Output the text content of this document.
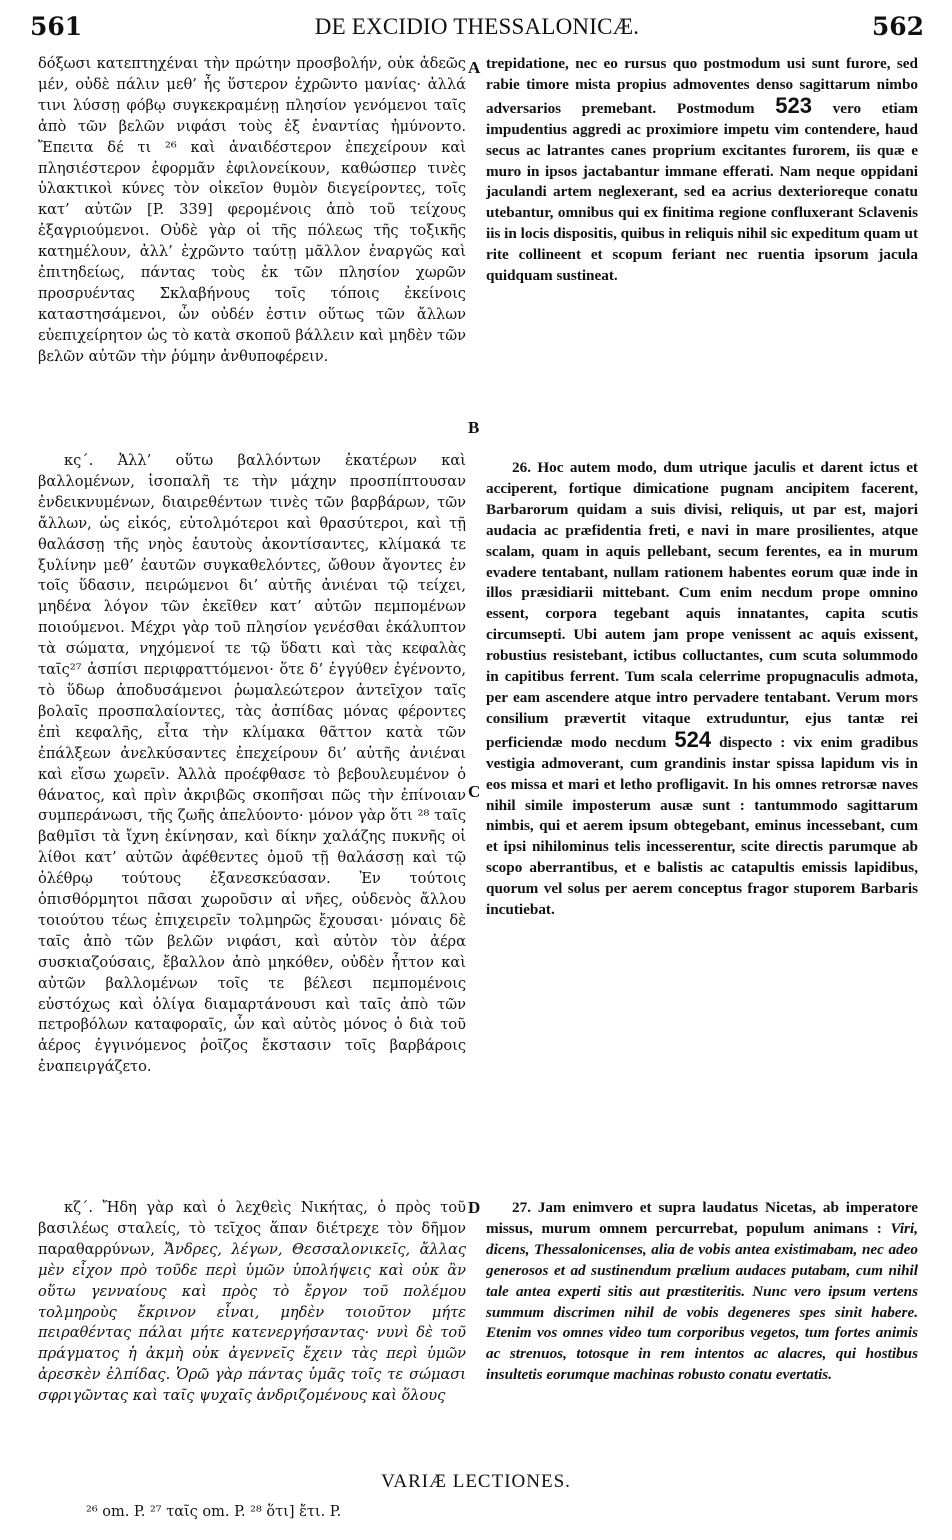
561	DE EXCIDIO THESSALONICÆ.	562

δόξωσι κατεπτηχέναι τὴν πρώτην προσβολήν, οὐκ ἀδεῶς μέν, οὐδὲ πάλιν μεθ’ ἧς ὕστερον ἐχρῶντο μανίας· ἀλλά τινι λύσσῃ φόβῳ συγκεκραμένῃ πλησίον γενόμενοι ταῖς ἀπὸ τῶν βελῶν νιφάσι τοὺς ἐξ ἐναντίας ἠμύνοντο. Ἔπειτα δέ τι ²⁶ καὶ ἀναιδέστερον ἐπεχείρουν καὶ πλησιέστερον ἐφορμᾶν ἐφιλονείκουν, καθώσπερ τινὲς ὑλακτικοὶ κύνες τὸν οἰκεῖον θυμὸν διεγείροντες, τοῖς κατ’ αὐτῶν [P. 339] φερομένοις ἀπὸ τοῦ τείχους ἐξαγριούμενοι. Οὐδὲ γὰρ οἱ τῆς πόλεως τῆς τοξικῆς κατημέλουν, ἀλλ’ ἐχρῶντο ταύτῃ μᾶλλον ἐναργῶς καὶ ἐπιτηδείως, πάντας τοὺς ἐκ τῶν πλησίον χωρῶν προσρυέντας Σκλαβήνους τοῖς τόποις ἐκείνοις καταστησάμενοι, ὧν οὐδέν ἐστιν οὕτως τῶν ἄλλων εὐεπιχείρητον ὡς τὸ κατὰ σκοποῦ βάλλειν καὶ μηδὲν τῶν βελῶν αὐτῶν τὴν ῥύμην ἀνθυποφέρειν.

κς΄. Ἀλλ’ οὕτω βαλλόντων ἑκατέρων καὶ βαλλομένων, ἰσοπαλῆ τε τὴν μάχην προσπίπτουσαν ἐνδεικνυμένων, διαιρεθέντων τινὲς τῶν βαρβάρων, τῶν ἄλλων, ὡς εἰκός, εὐτολμότεροι καὶ θρασύτεροι, καὶ τῇ θαλάσσῃ τῆς νηὸς ἑαυτοὺς ἀκοντίσαντες, κλίμακά τε ξυλίνην μεθ’ ἑαυτῶν συγκαθελόντες, ὤθουν ἄγοντες ἐν τοῖς ὕδασιν, πειρώμενοι δι’ αὐτῆς ἀνιέναι τῷ τείχει, μηδένα λόγον τῶν ἐκεῖθεν κατ’ αὐτῶν πεμπομένων ποιούμενοι. Μέχρι γὰρ τοῦ πλησίον γενέσθαι ἐκάλυπτον τὰ σώματα, νηχόμενοί τε τῷ ὕδατι καὶ τὰς κεφαλὰς ταῖς²⁷ ἀσπίσι περιφραττόμενοι· ὅτε δ’ ἐγγύθεν ἐγένοντο, τὸ ὕδωρ ἀποδυσάμενοι ῥωμαλεώτερον ἀντεῖχον ταῖς βολαῖς προσπαλαίοντες, τὰς ἀσπίδας μόνας φέροντες ἐπὶ κεφαλῆς, εἶτα τὴν κλίμακα θᾶττον κατὰ τῶν ἐπάλξεων ἀνελκύσαντες ἐπεχείρουν δι’ αὐτῆς ἀνιέναι καὶ εἴσω χωρεῖν. Ἀλλὰ προέφθασε τὸ βεβουλευμένον ὁ θάνατος, καὶ πρὶν ἀκριβῶς σκοπῆσαι πῶς τὴν ἐπίνοιαν συμπεράνωσι, τῆς ζωῆς ἀπελύοντο· μόνον γὰρ ὅτι ²⁸ ταῖς βαθμῖσι τὰ ἴχνη ἐκίνησαν, καὶ δίκην χαλάζης πυκνῆς οἱ λίθοι κατ’ αὐτῶν ἀφέθεντες ὁμοῦ τῇ θαλάσσῃ καὶ τῷ ὀλέθρῳ τούτους ἐξανεσκεύασαν. Ἐν τούτοις ὀπισθόρμητοι πᾶσαι χωροῦσιν αἱ νῆες, οὐδενὸς ἄλλου τοιούτου τέως ἐπιχειρεῖν τολμηρῶς ἔχουσαι· μόναις δὲ ταῖς ἀπὸ τῶν βελῶν νιφάσι, καὶ αὐτὸν τὸν ἀέρα συσκιαζούσαις, ἔβαλλον ἀπὸ μηκόθεν, οὐδὲν ἧττον καὶ αὐτῶν βαλλομένων τοῖς τε βέλεσι πεμπομένοις εὐστόχως καὶ ὀλίγα διαμαρτάνουσι καὶ ταῖς ἀπὸ τῶν πετροβόλων καταφοραῖς, ὧν καὶ αὐτὸς μόνος ὁ διὰ τοῦ ἀέρος ἐγγινόμενος ῥοῖζος ἔκστασιν τοῖς βαρβάροις ἐναπειργάζετο.

κζ΄. Ἤδη γὰρ καὶ ὁ λεχθεὶς Νικήτας, ὁ πρὸς τοῦ βασιλέως σταλείς, τὸ τεῖχος ἅπαν διέτρεχε τὸν δῆμον παραθαρρύνων, Ἄνδρες, λέγων, Θεσσαλονικεῖς, ἄλλας μὲν εἶχον πρὸ τοῦδε περὶ ὑμῶν ὑπολήψεις καὶ οὐκ ἂν οὕτω γενναίους καὶ πρὸς τὸ ἔργον τοῦ πολέμου τολμηροὺς ἔκρινον εἶναι, μηδὲν τοιοῦτον μήτε πειραθέντας πάλαι μήτε κατενεργήσαντας· νυνὶ δὲ τοῦ πράγματος ἡ ἀκμὴ οὐκ ἀγεννεῖς ἔχειν τὰς περὶ ὑμῶν ἀρεσκὲν ἐλπίδας. Ὁρῶ γὰρ πάντας ὑμᾶς τοῖς τε σώμασι σφριγῶντας καὶ ταῖς ψυχαῖς ἀνδριζομένους καὶ ὅλους

A
B
C
D

trepidatione, nec eo rursus quo postmodum usi sunt furore, sed rabie timore mista propius admoventes denso sagittarum nimbo adversarios premebant. Postmodum 523 vero etiam impudentius aggredi ac proximiore impetu vim contendere, haud secus ac latrantes canes proprium excitantes furorem, iis quæ e muro in ipsos jactabantur immane efferati. Nam neque oppidani jaculandi artem neglexerant, sed ea acrius dexterioreque conatu utebantur, omnibus qui ex finitima regione confluxerant Sclavenis iis in locis dispositis, quibus in reliquis nihil sic expeditum quam ut rite collineent et scopum feriant nec ruentia ipsorum jacula quidquam sustineat.

26. Hoc autem modo, dum utrique jaculis et darent ictus et acciperent, fortique dimicatione pugnam ancipitem facerent, Barbarorum quidam a suis divisi, reliquis, ut par est, majori audacia ac præfidentia freti, e navi in mare prosilientes, atque scalam, quam in aquis pellebant, secum ferentes, ea in murum evadere tentabant, nullam rationem habentes eorum quæ inde in illos præsidiarii mittebant. Cum enim necdum prope omnino essent, corpora tegebant aquis innatantes, capita scutis circumsepti. Ubi autem jam prope venissent ac aquis exissent, robustius resistebant, ictibus colluctantes, cum scuta solummodo in capitibus ferrent. Tum scala celerrime propugnaculis admota, per eam ascendere atque intro pervadere tentabant. Verum mors consilium prævertit vitaque extruduntur, ejus tantæ rei perficiendæ modo necdum 524 dispecto : vix enim gradibus vestigia admoverant, cum grandinis instar spissa lapidum vis in eos missa et mari et letho profligavit. In his omnes retrorsæ naves nihil simile imposterum ausæ sunt : tantummodo sagittarum nimbis, qui et aerem ipsum obtegebant, eminus incessebant, cum et ipsi nihilominus telis incesserentur, scite directis parumque ab scopo aberrantibus, et e balistis ac catapultis emissis lapidibus, quorum vel solus per aerem conceptus fragor stuporem Barbaris incutiebat.

27. Jam enimvero et supra laudatus Nicetas, ab imperatore missus, murum omnem percurrebat, populum animans : Viri, dicens, Thessalonicenses, alia de vobis antea existimabam, nec adeo generosos et ad sustinendum prælium audaces putabam, cum nihil tale antea experti sitis aut præstiteritis. Nunc vero ipsum vertens summum discrimen nihil de vobis degeneres spes sinit habere. Etenim vos omnes video tum corporibus vegetos, tum fortes animis ac strenuos, totosque in rem intentos ac alacres, qui hostibus insultetis eorumque machinas robusto conatu evertatis.

VARIÆ LECTIONES.
²⁶ om. P. ²⁷ ταῖς om. P. ²⁸ ὅτι] ἔτι. P.
